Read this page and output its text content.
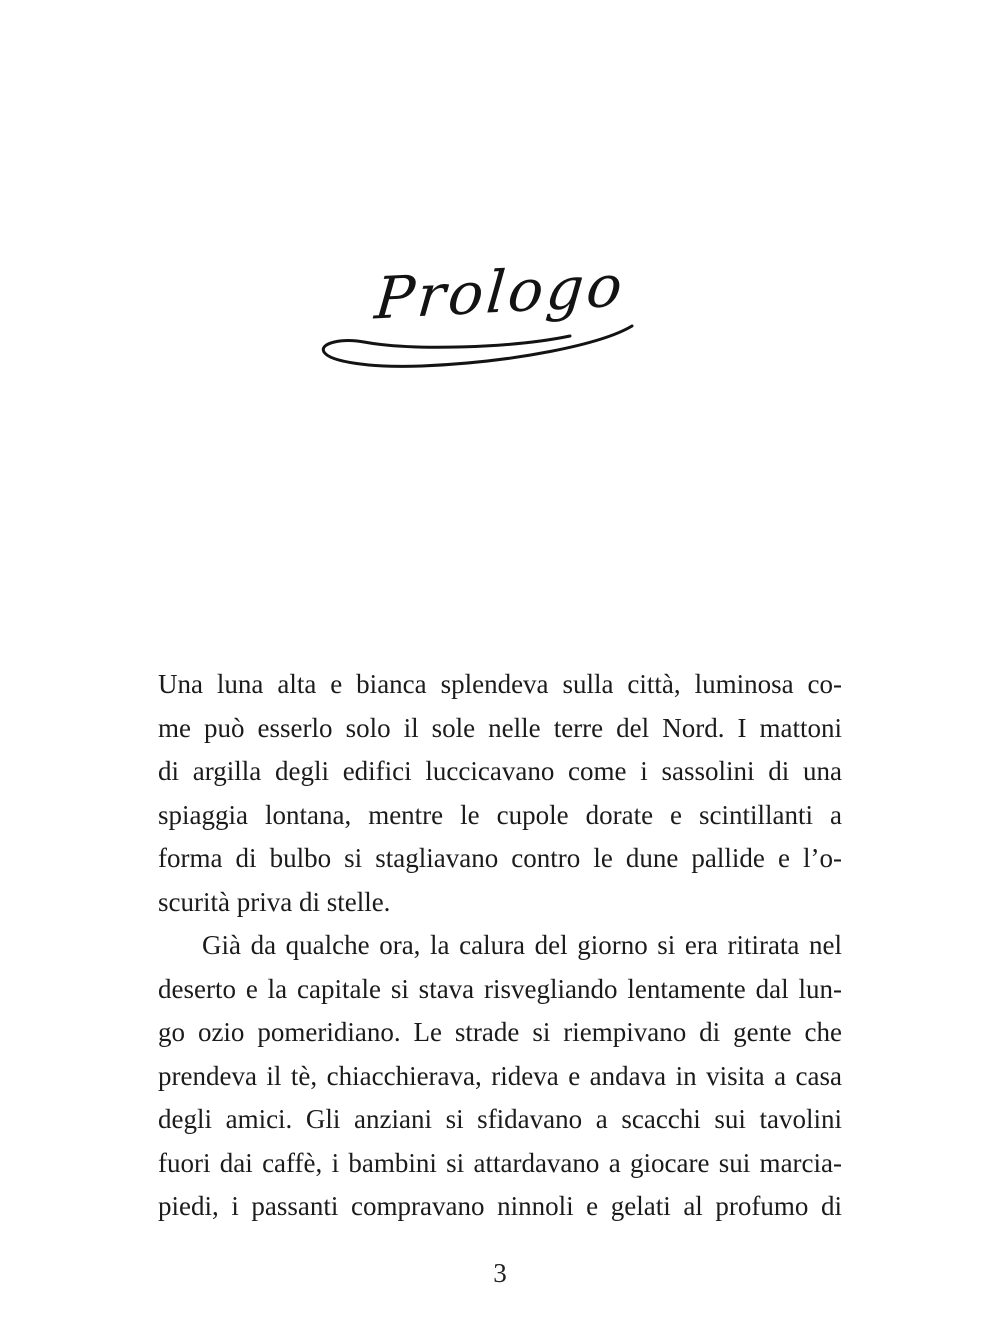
Prologo
Una luna alta e bianca splendeva sulla città, luminosa co-
me può esserlo solo il sole nelle terre del Nord. I mattoni
di argilla degli edifici luccicavano come i sassolini di una
spiaggia lontana, mentre le cupole dorate e scintillanti a
forma di bulbo si stagliavano contro le dune pallide e l’o-
scurità priva di stelle.
Già da qualche ora, la calura del giorno si era ritirata nel
deserto e la capitale si stava risvegliando lentamente dal lun-
go ozio pomeridiano. Le strade si riempivano di gente che
prendeva il tè, chiacchierava, rideva e andava in visita a casa
degli amici. Gli anziani si sfidavano a scacchi sui tavolini
fuori dai caffè, i bambini si attardavano a giocare sui marcia-
piedi, i passanti compravano ninnoli e gelati al profumo di
3
